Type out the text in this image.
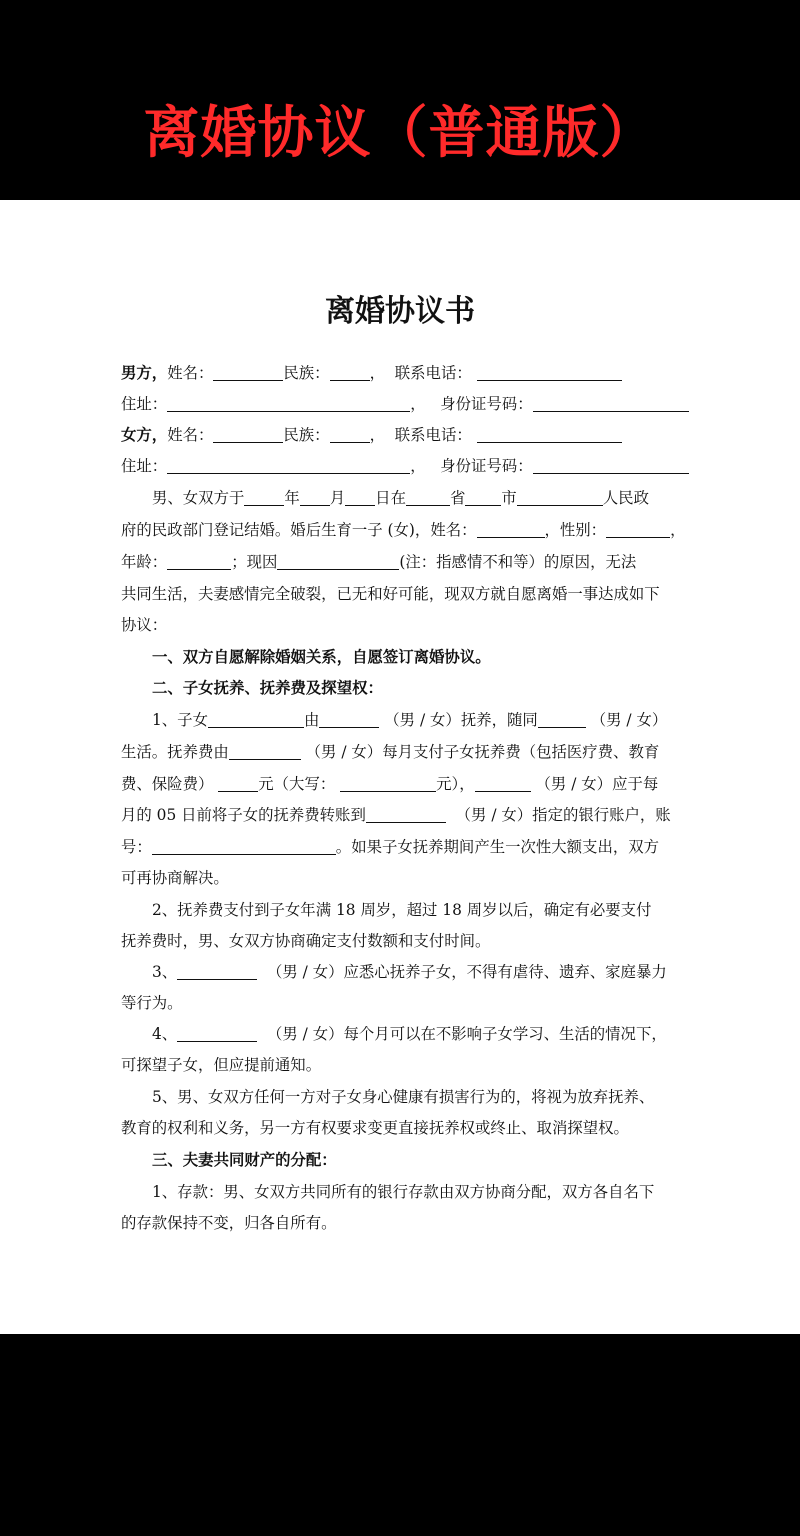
离婚协议（普通版）
离婚协议书
男方，姓名：	民族：	， 联系电话：
住址：	，   身份证号码：
女方，姓名：	民族：	， 联系电话：
住址：	，   身份证号码：
男、女双方于	年 月 日在	省 市	人民政
府的民政部门登记结婚。婚后生育一子 (女)，姓名：	，性别：	，
年龄：	；现因	(注：指感情不和等）的原因，无法
共同生活，夫妻感情完全破裂，已无和好可能，现双方就自愿离婚一事达成如下
协议：
一、双方自愿解除婚姻关系，自愿签订离婚协议。
二、子女抚养、抚养费及探望权：
1、子女	由	（男 / 女）抚养，随同	（男 / 女）
生活。抚养费由	（男 / 女）每月支付子女抚养费（包括医疗费、教育
费、保险费）	元（大写：	元），	（男 / 女）应于每
月的 05 日前将子女的抚养费转账到	（男 / 女）指定的银行账户，账
号：	。如果子女抚养期间产生一次性大额支出，双方
可再协商解决。
2、抚养费支付到子女年满 18 周岁，超过 18 周岁以后，确定有必要支付
抚养费时，男、女双方协商确定支付数额和支付时间。
3、	（男 / 女）应悉心抚养子女，不得有虐待、遗弃、家庭暴力
等行为。
4、	（男 / 女）每个月可以在不影响子女学习、生活的情况下，
可探望子女，但应提前通知。
5、男、女双方任何一方对子女身心健康有损害行为的，将视为放弃抚养、
教育的权利和义务，另一方有权要求变更直接抚养权或终止、取消探望权。
三、夫妻共同财产的分配：
1、存款：男、女双方共同所有的银行存款由双方协商分配，双方各自名下
的存款保持不变，归各自所有。
